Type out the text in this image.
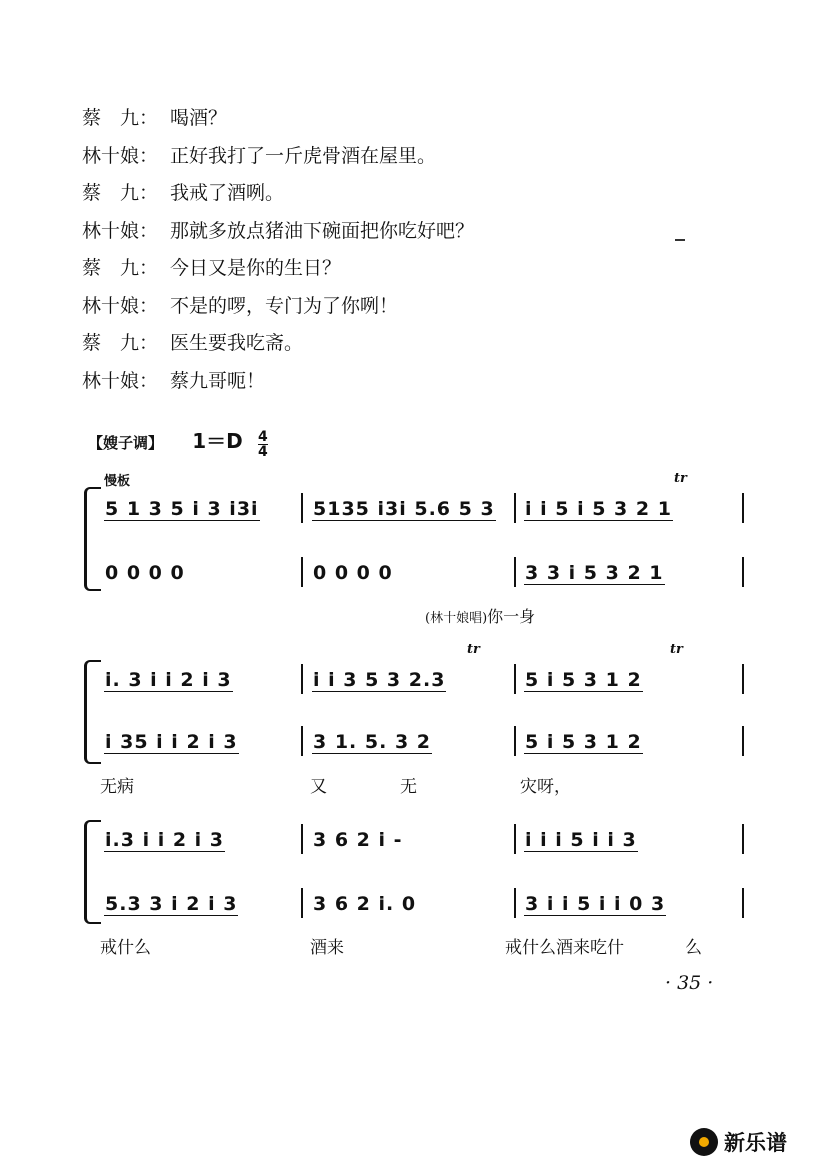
蔡　九： 喝酒？
林十娘： 正好我打了一斤虎骨酒在屋里。
蔡　九： 我戒了酒咧。
林十娘： 那就多放点猪油下碗面把你吃好吧？
蔡　九： 今日又是你的生日？
林十娘： 不是的啰，专门为了你咧！
蔡　九： 医生要我吃斋。
林十娘： 蔡九哥呃！
【嫂子调】 $1=D \frac{4}{4}$
慢板	tr
5 1 3 5 i 3 i3i	5135 i3i 5.6 5 3 i i 5 i 5 3 2 1
0 0 0 0	0 0 0 0	3 3 i 5 3 2 1
(林十娘唱)你一身
tr	tr
i. 3 i i 2 i 3	i i 3 5 3 2.3	5 i 5 3 1 2
i 35 i i 2 i 3	3 1. 5. 3 2	5 i 5 3 1 2
无病	又	无	灾呀，
i.3 i i 2 i 3	3 6 2 i -	i i i 5 i i 3
5.3 3 i 2 i 3	3 6 2 i. 0	3 i i 5 i i 0 3
戒什么	酒来	戒什么酒来吃什	么
· 35 ·
新乐谱
